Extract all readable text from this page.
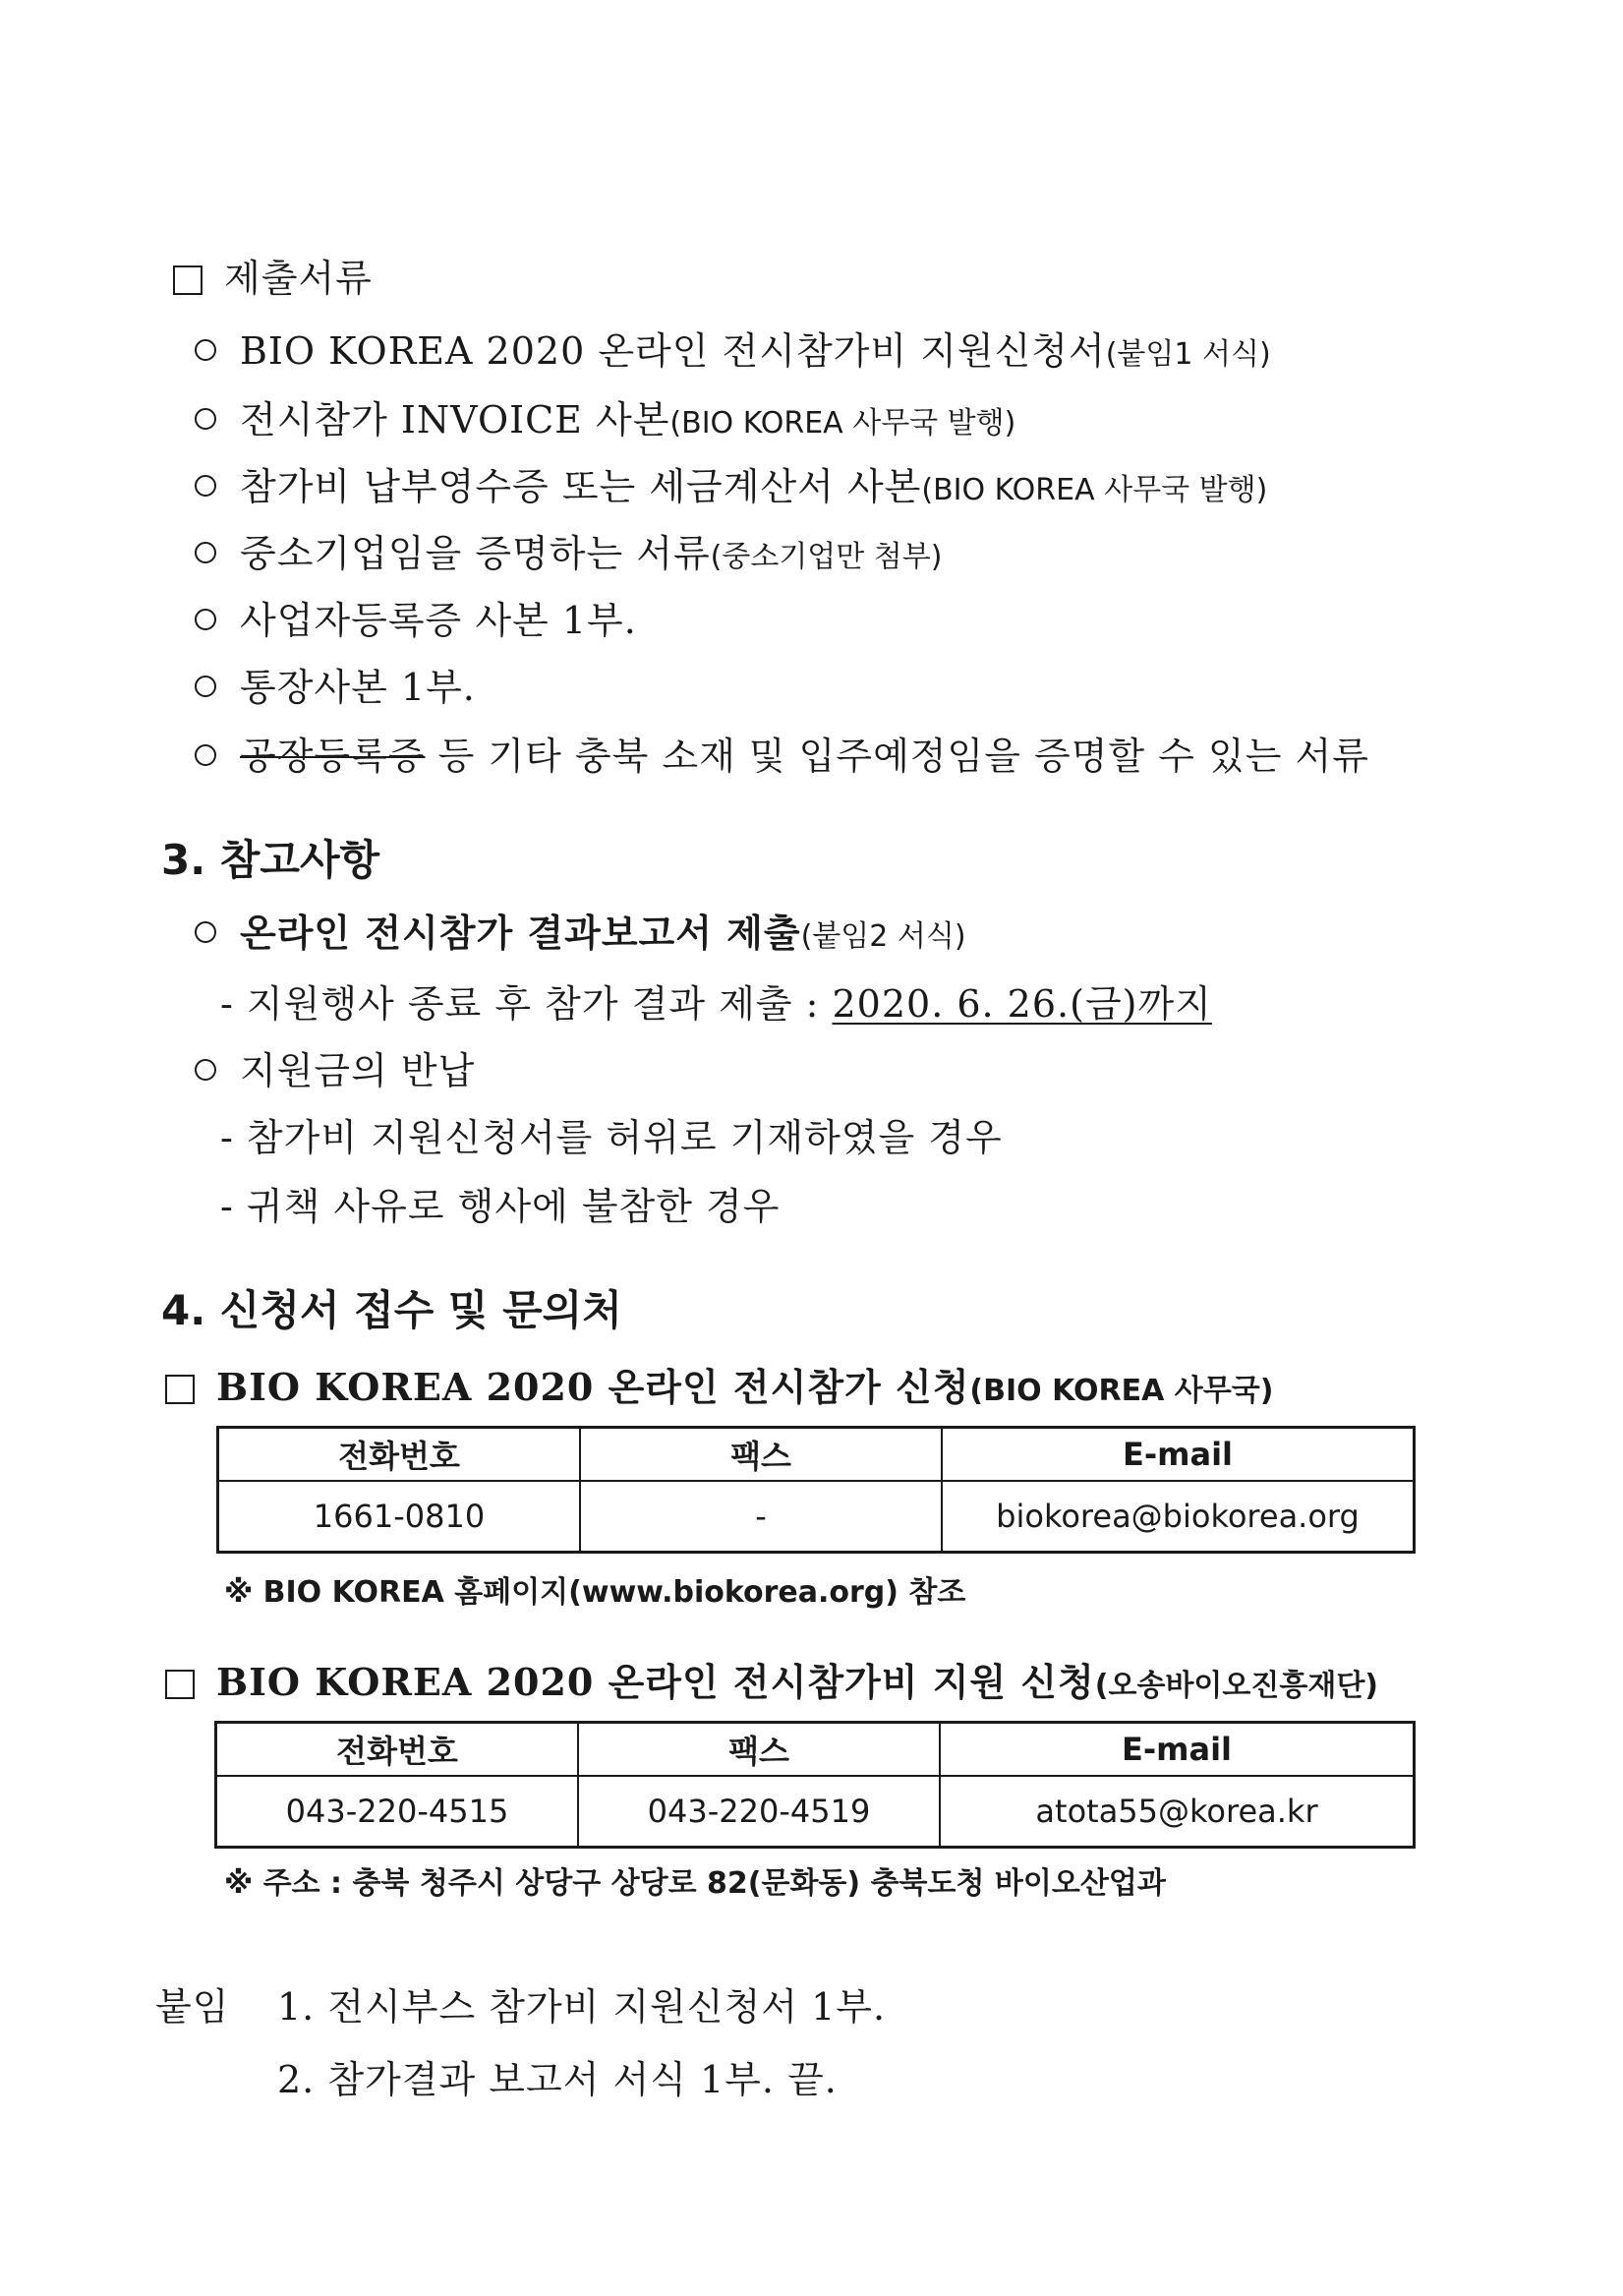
제출서류
BIO KOREA 2020 온라인 전시참가비 지원신청서(붙임1 서식)
전시참가 INVOICE 사본(BIO KOREA 사무국 발행)
참가비 납부영수증 또는 세금계산서 사본(BIO KOREA 사무국 발행)
중소기업임을 증명하는 서류(중소기업만 첨부)
사업자등록증 사본 1부.
통장사본 1부.
공장등록증 등 기타 충북 소재 및 입주예정임을 증명할 수 있는 서류
3. 참고사항
온라인 전시참가 결과보고서 제출(붙임2 서식)
- 지원행사 종료 후 참가 결과 제출 : 2020. 6. 26.(금)까지
지원금의 반납
- 참가비 지원신청서를 허위로 기재하였을 경우
- 귀책 사유로 행사에 불참한 경우
4. 신청서 접수 및 문의처
BIO KOREA 2020 온라인 전시참가 신청(BIO KOREA 사무국)
전화번호	팩스	E-mail
1661-0810	-	biokorea@biokorea.org
※ BIO KOREA 홈페이지(www.biokorea.org) 참조
BIO KOREA 2020 온라인 전시참가비 지원 신청(오송바이오진흥재단)
전화번호	팩스	E-mail
043-220-4515	043-220-4519	atota55@korea.kr
※ 주소 : 충북 청주시 상당구 상당로 82(문화동) 충북도청 바이오산업과
붙임 1. 전시부스 참가비 지원신청서 1부.
2. 참가결과 보고서 서식 1부. 끝.
